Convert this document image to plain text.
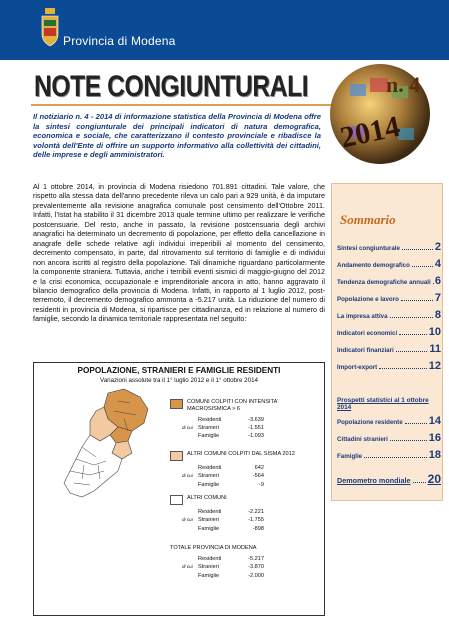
Provincia di Modena
NOTE CONGIUNTURALI	n. 4
2014

Il notiziario n. 4 - 2014 di informazione statistica della Provincia di Modena offre la sintesi congiunturale dei principali indicatori di natura demografica, economica e sociale, che caratterizzano il contesto provinciale e ribadisce la volontà dell'Ente di offrire un supporto informativo alla collettività dei cittadini, delle imprese e degli amministratori.

Al 1 ottobre 2014, in provincia di Modena risiedono 701.891 cittadini. Tale valore, che rispetto alla stessa data dell'anno precedente rileva un calo pari a 929 unità, è da imputare prevalentemente alla revisione anagrafica comunale post censimento dell'Ottobre 2011. Infatti, l'Istat ha stabilito il 31 dicembre 2013 quale termine ultimo per realizzare le verifiche postcensuarie. Del resto, anche in passato, la revisione postcensuaria degli archivi anagrafici ha determinato un decremento di popolazione, per effetto della cancellazione in anagrafe delle schede relative agli individui irreperibili al momento del censimento, decremento compensato, in parte, dal ritrovamento sul territorio di famiglie e di individui non ancora iscritti al registro della popolazione. Tali dinamiche riguardano particolarmente la componente straniera. Tuttavia, anche i terribili eventi sismici di maggio-giugno del 2012 e la crisi economica, occupazionale e imprenditoriale ancora in atto, hanno aggravato il bilancio demografico della provincia di Modena. Infatti, in rapporto al 1 luglio 2012, post-terremoto, il decremento demografico ammonta a -5.217 unità. La riduzione del numero di residenti in provincia di Modena, si ripartisce per cittadinanza, ed in relazione al numero di famiglie, secondo la dinamica territoriale rappresentata nel seguito:

Sommario
Sintesi congiunturale	2
Andamento demografico 4
Tendenza demografiche annuali 6
Popolazione e lavoro	7
La impresa attiva	8
Indicatori economici	10
Indicatori finanziari	11
Import-export	12
Prospetti statistici al 1 ottobre 2014
Popolazione residente 14
Cittadini stranieri	16
Famiglie	18
Demometro mondiale 20
POPOLAZIONE, STRANIERI E FAMIGLIE RESIDENTI
Variazioni assolute tra il 1° luglio 2012 e il 1° ottobre 2014
COMUNI COLPITI CON INTENSITA' MACROSISMICA > 6
Residenti	-3.639
di cui Stranieri	-1.551
Famiglie	-1.093
ALTRI COMUNI COLPITI DAL SISMA 2012
Residenti	642
di cui Stranieri	-564
Famiglie	-9
ALTRI COMUNI
Residenti	-2.221
di cui Stranieri	-1.755
Famiglie	-898
TOTALE PROVINCIA DI MODENA
Residenti	-5.217
di cui Stranieri	-3.870
Famiglie	-2.000
